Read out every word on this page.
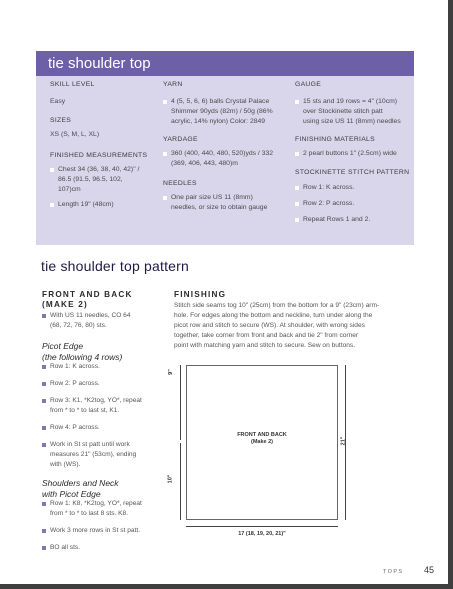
tie shoulder top
SKILL LEVEL
Easy
SIZES
XS (S, M, L, XL)
FINISHED MEASUREMENTS
Chest 34 (36, 38, 40, 42)" /
86.5 (91.5, 96.5, 102,
107)cm
Length 19" (48cm)
YARN
4 (5, 5, 6, 6) balls Crystal Palace
Shimmer 90yds (82m) / 50g (86%
acrylic, 14% nylon) Color: 2849
YARDAGE
360 (400, 440, 480, 520)yds / 332
(369, 406, 443, 480)m
NEEDLES
One pair size US 11 (8mm)
needles, or size to obtain gauge
GAUGE
15 sts and 19 rows = 4" (10cm)
over Stockinette stitch patt
using size US 11 (8mm) needles
FINISHING MATERIALS
2 pearl buttons 1" (2.5cm) wide
STOCKINETTE STITCH PATTERN
Row 1: K across.
Row 2: P across.
Repeat Rows 1 and 2.
tie shoulder top pattern
FRONT AND BACK
(MAKE 2)
With US 11 needles, CO 64
(68, 72, 76, 80) sts.
Picot Edge
(the following 4 rows)
Row 1: K across.
Row 2: P across.
Row 3: K1, *K2tog, YO*, repeat
from * to * to last st, K1.
Row 4: P across.
Work in St st patt until work
measures 21" (53cm), ending
with (WS).
Shoulders and Neck
with Picot Edge
Row 1: K8, *K2tog, YO*, repeat
from * to * to last 8 sts. K8.
Work 3 more rows in St st patt.
BO all sts.
FINISHING
Stitch side seams tog 10" (25cm) from the bottom for a 9" (23cm) arm-
hole. For edges along the bottom and neckline, turn under along the
picot row and stitch to secure (WS). At shoulder, with wrong sides
together, take corner from front and back and tie 2" from corner
point with matching yarn and stitch to secure. Sew on buttons.
9"
10"
21"
17 (18, 19, 20, 21)"
FRONT AND BACK
(Make 2)
TOPS 45
